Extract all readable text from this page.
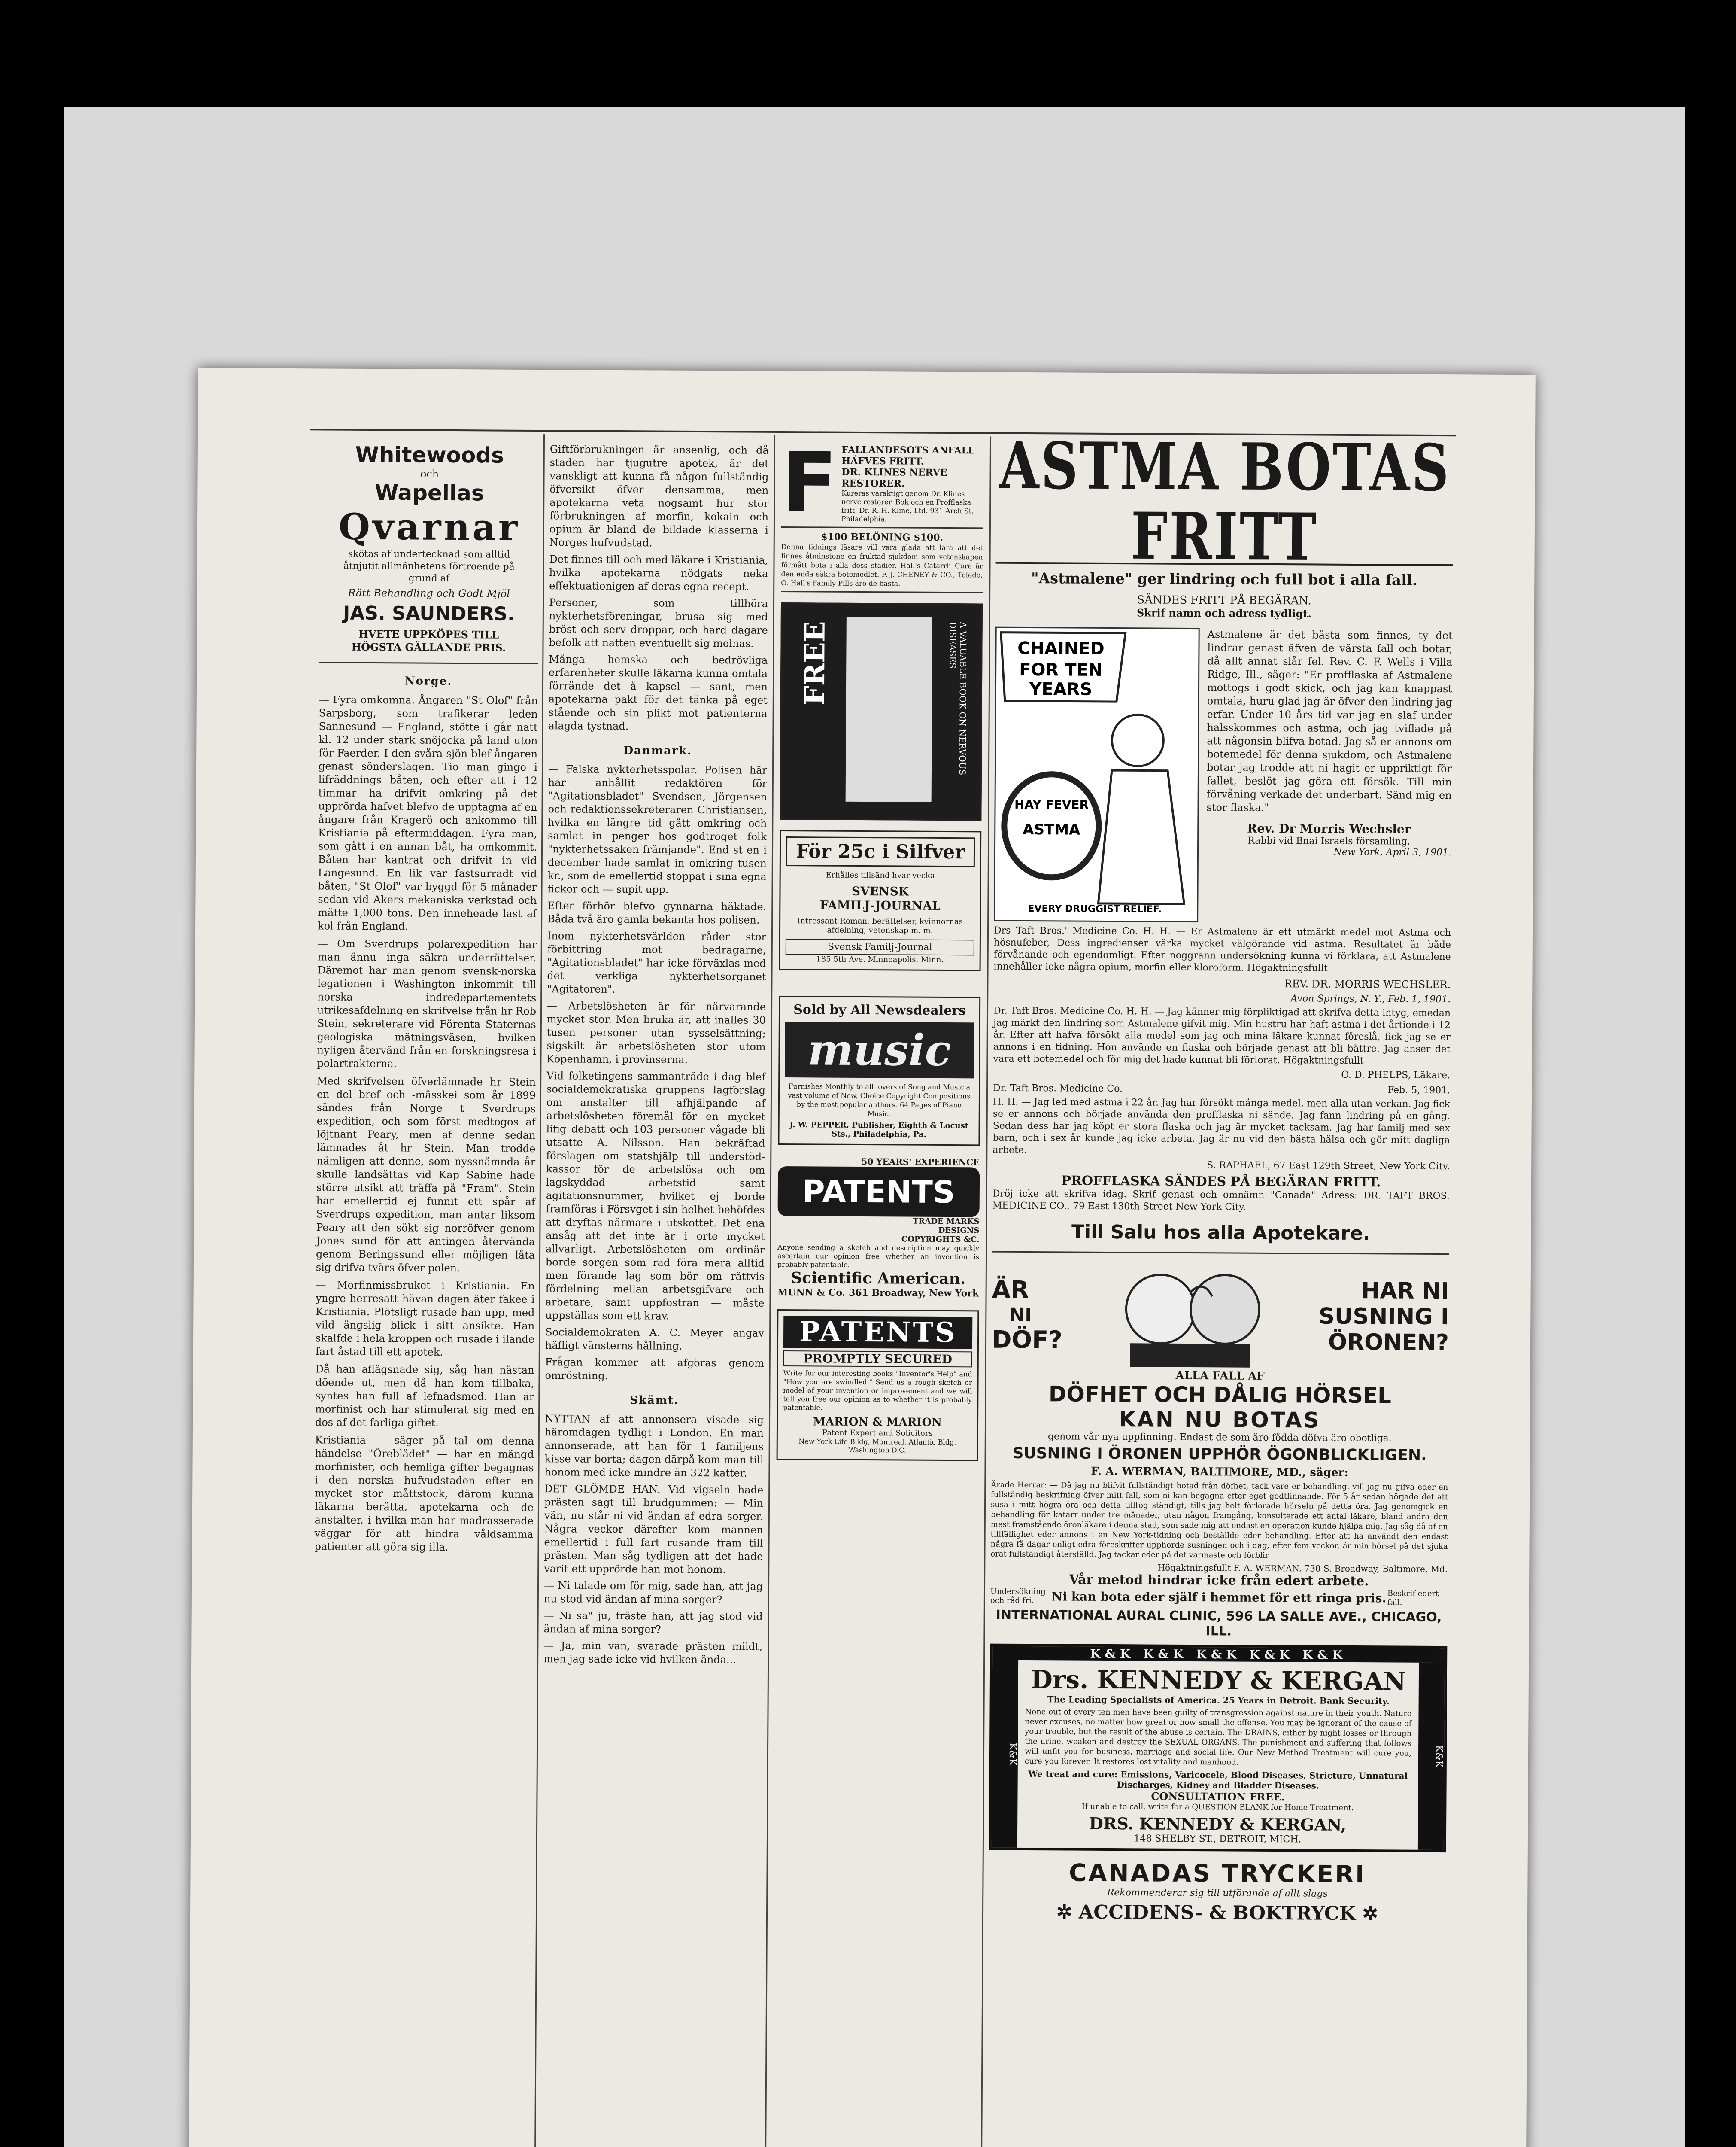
Whitewoods
och
Wapellas
Qvarnar
skötas af undertecknad som alltid åtnjutit allmänhetens förtroende på grund af
Rätt Behandling och Godt Mjöl
JAS. SAUNDERS.
HVETE UPPKÖPES TILL HÖGSTA GÄLLANDE PRIS.
Norge.

— Fyra omkomna. Ångaren "St Olof" från Sarpsborg, som trafikerar leden Sannesund — England, stötte i går natt kl. 12 under stark snöjocka på land uton för Faerder. I den svåra sjön blef ångaren genast sönderslagen. Tio man gingo i lifräddnings båten, och efter att i 12 timmar ha drifvit omkring på det upprörda hafvet blefvo de upptagna af en ångare från Kragerö och ankommo till Kristiania på eftermiddagen. Fyra man, som gått i en annan båt, ha omkommit. Båten har kantrat och drifvit in vid Langesund. En lik var fastsurradt vid båten, "St Olof" var byggd för 5 månader sedan vid Akers mekaniska verkstad och mätte 1,000 tons. Den inneheade last af kol från England.

— Om Sverdrups polarexpedition har man ännu inga säkra underrättelser. Däremot har man genom svensk-norska legationen i Washington inkommit till norska indredepartementets utrikesafdelning en skrifvelse från hr Rob Stein, sekreterare vid Förenta Staternas geologiska mätningsväsen, hvilken nyligen återvänd från en forskningsresa i polartrakterna.

Med skrifvelsen öfverlämnade hr Stein en del bref och -mässkei som år 1899 sändes från Norge t Sverdrups expedition, och som först medtogos af löjtnant Peary, men af denne sedan lämnades åt hr Stein. Man trodde nämligen att denne, som nyssnämnda år skulle landsättas vid Kap Sabine hade större utsikt att träffa på "Fram". Stein har emellertid ej funnit ett spår af Sverdrups expedition, man antar liksom Peary att den sökt sig norröfver genom Jones sund för att antingen återvända genom Beringssund eller möjligen låta sig drifva tvärs öfver polen.

— Morfinmissbruket i Kristiania. En yngre herresatt hävan dagen äter fakee i Kristiania. Plötsligt rusade han upp, med vild ängslig blick i sitt ansikte. Han skalfde i hela kroppen och rusade i ilande fart åstad till ett apotek.

Då han aflägsnade sig, såg han nästan döende ut, men då han kom tillbaka, syntes han full af lefnadsmod. Han är morfinist och har stimulerat sig med en dos af det farliga giftet.

Kristiania — säger på tal om denna händelse "Öreblädet" — har en mängd morfinister, och hemliga gifter begagnas i den norska hufvudstaden efter en mycket stor måttstock, därom kunna läkarna berätta, apotekarna och de anstalter, i hvilka man har madrasserade väggar för att hindra våldsamma patienter att göra sig illa.

Giftförbrukningen är ansenlig, och då staden har tjugutre apotek, är det vanskligt att kunna få någon fullständig öfversikt öfver densamma, men apotekarna veta nogsamt hur stor förbrukningen af morfin, kokain och opium är bland de bildade klasserna i Norges hufvudstad.

Det finnes till och med läkare i Kristiania, hvilka apotekarna nödgats neka effektuationigen af deras egna recept.

Personer, som tillhöra nykterhetsföreningar, brusa sig med bröst och serv droppar, och hard dagare befolk att natten eventuellt sig molnas.

Många hemska och bedrövliga erfarenheter skulle läkarna kunna omtala förrände det å kapsel — sant, men apotekarna pakt för det tänka på eget stående och sin plikt mot patienterna alagda tystnad.

Danmark.

— Falska nykterhetsspolar. Polisen här har anhållit redaktören för "Agitationsbladet" Svendsen, Jörgensen och redaktionssekreteraren Christiansen, hvilka en längre tid gått omkring och samlat in penger hos godtroget folk "nykterhetssaken främjande". End st en i december hade samlat in omkring tusen kr., som de emellertid stoppat i sina egna fickor och — supit upp.

Efter förhör blefvo gynnarna häktade. Båda två äro gamla bekanta hos polisen.

Inom nykterhetsvärlden råder stor förbittring mot bedragarne, "Agitationsbladet" har icke förväxlas med det verkliga nykterhetsorganet "Agitatoren".

— Arbetslösheten är för närvarande mycket stor. Men bruka är, att inalles 30 tusen personer utan sysselsättning; sigskilt är arbetslösheten stor utom Köpenhamn, i provinserna.

Vid folketingens sammanträde i dag blef socialdemokratiska gruppens lagförslag om anstalter till afhjälpande af arbetslösheten föremål för en mycket lifig debatt och 103 personer vågade bli utsatte A. Nilsson. Han bekräftad förslagen om statshjälp till understöd-kassor för de arbetslösa och om lagskyddad arbetstid samt agitationsnummer, hvilket ej borde framföras i Försvget i sin helhet behöfdes att dryftas närmare i utskottet. Det ena ansåg att det inte är i orte mycket allvarligt. Arbetslösheten om ordinär borde sorgen som rad föra mera alltid men förande lag som bör om rättvis fördelning mellan arbetsgifvare och arbetare, samt uppfostran — måste uppställas som ett krav.

Socialdemokraten A. C. Meyer angav häfligt vänsterns hållning.

Frågan kommer att afgöras genom omröstning.

Skämt.

NYTTAN af att annonsera visade sig häromdagen tydligt i London. En man annonserade, att han för 1 familjens kisse var borta; dagen därpå kom man till honom med icke mindre än 322 katter.

DET GLÖMDE HAN. Vid vigseln hade prästen sagt till brudgummen: — Min vän, nu står ni vid ändan af edra sorger. Några veckor därefter kom mannen emellertid i full fart rusande fram till prästen. Man såg tydligen att det hade varit ett upprörde han mot honom.

— Ni talade om för mig, sade han, att jag nu stod vid ändan af mina sorger?

— Ni sa" ju, fräste han, att jag stod vid ändan af mina sorger?

— Ja, min vän, svarade prästen mildt, men jag sade icke vid hvilken ända...

F FALLANDESOTS ANFALL HÄFVES FRITT.
DR. KLINES NERVE RESTORER.
Kureras varaktigt genom Dr. Klines nerve restorer. Bok och en Profflaska fritt. Dr. R. H. Kline, Ltd. 931 Arch St. Philadelphia.
$100 BELÖNING $100.
Denna tidnings läsare vill vara glada att lära att det finnes åtminstone en fruktad sjukdom som vetenskapen förmått bota i alla dess stadier. Hall's Catarrh Cure är den enda säkra botemedlet. F. J. CHENEY & CO., Toledo, O. Hall's Family Pills äro de bästa.
FREE	A VALUABLE BOOK ON NERVOUS DISEASES
För 25c i Silfver
Erhålles tillsänd hvar vecka
SVENSK
FAMILJ-JOURNAL
Intressant Roman, berättelser, kvinnornas afdelning, vetenskap m. m.
Svensk Familj-Journal
185 5th Ave. Minneapolis, Minn.
Sold by All Newsdealers
music
Furnishes Monthly to all lovers of Song and Music a vast volume of New, Choice Copyright Compositions by the most popular authors. 64 Pages of Piano Music.
J. W. PEPPER, Publisher, Eighth & Locust Sts., Philadelphia, Pa.
50 YEARS' EXPERIENCE
PATENTS
TRADE MARKS
DESIGNS
COPYRIGHTS &C.
Anyone sending a sketch and description may quickly ascertain our opinion free whether an invention is probably patentable.
Scientific American.
MUNN & Co. 361 Broadway, New York
PATENTS
PROMPTLY SECURED
Write for our interesting books "Inventor's Help" and "How you are swindled." Send us a rough sketch or model of your invention or improvement and we will tell you free our opinion as to whether it is probably patentable.
MARION & MARION
Patent Expert and Solicitors
New York Life B'ldg, Montreal. Atlantic Bldg, Washington D.C.
ASTMA BOTAS FRITT
"Astmalene" ger lindring och full bot i alla fall.
SÄNDES FRITT PÅ BEGÄRAN.
Skrif namn och adress tydligt.
CHAINED
FOR TEN
YEARS
HAY FEVER
ASTMA
EVERY DRUGGIST RELIEF.

Astmalene är det bästa som finnes, ty det lindrar genast äfven de värsta fall och botar, då allt annat slår fel. Rev. C. F. Wells i Villa Ridge, Ill., säger: "Er profflaska af Astmalene mottogs i godt skick, och jag kan knappast omtala, huru glad jag är öfver den lindring jag erfar. Under 10 års tid var jag en slaf under halsskommes och astma, och jag tviflade på att någonsin blifva botad. Jag så er annons om botemedel för denna sjukdom, och Astmalene botar jag trodde att ni hagit er uppriktigt för fallet, beslöt jag göra ett försök. Till min förvåning verkade det underbart. Sänd mig en stor flaska."

Rev. Dr Morris Wechsler
Rabbi vid Bnai Israels församling,
New York, April 3, 1901.

Drs Taft Bros.' Medicine Co. H. H. — Er Astmalene är ett utmärkt medel mot Astma och hösnufeber, Dess ingredienser värka mycket välgörande vid astma. Resultatet är både förvånande och egendomligt. Efter noggrann undersökning kunna vi förklara, att Astmalene innehåller icke några opium, morfin eller kloroform. Högaktningsfullt

REV. DR. MORRIS WECHSLER.
Avon Springs, N. Y., Feb. 1, 1901.

Dr. Taft Bros. Medicine Co. H. H. — Jag känner mig förpliktigad att skrifva detta intyg, emedan jag märkt den lindring som Astmalene gifvit mig. Min hustru har haft astma i det årtionde i 12 år. Efter att hafva försökt alla medel som jag och mina läkare kunnat föreslå, fick jag se er annons i en tidning. Hon använde en flaska och började genast att bli bättre. Jag anser det vara ett botemedel och för mig det hade kunnat bli förlorat. Högaktningsfullt

O. D. PHELPS, Läkare.
Dr. Taft Bros. Medicine Co.	Feb. 5, 1901.

H. H. — Jag led med astma i 22 år. Jag har försökt många medel, men alla utan verkan. Jag fick se er annons och började använda den profflaska ni sände. Jag fann lindring på en gång. Sedan dess har jag köpt er stora flaska och jag är mycket tacksam. Jag har familj med sex barn, och i sex år kunde jag icke arbeta. Jag är nu vid den bästa hälsa och gör mitt dagliga arbete.

S. RAPHAEL, 67 East 129th Street, New York City.
PROFFLASKA SÄNDES PÅ BEGÄRAN FRITT.
Dröj icke att skrifva idag. Skrif genast och omnämn "Canada" Adress: DR. TAFT BROS. MEDICINE CO., 79 East 130th Street New York City.
Till Salu hos alla Apotekare.
ÄR
NI
DÖF?
HAR NI
SUSNING I
ÖRONEN?
ALLA FALL AF
DÖFHET OCH DÅLIG HÖRSEL
KAN NU BOTAS
genom vår nya uppfinning. Endast de som äro födda döfva äro obotliga.
SUSNING I ÖRONEN UPPHÖR ÖGONBLICKLIGEN.
F. A. WERMAN, BALTIMORE, MD., säger:

Ärade Herrar: — Då jag nu blifvit fullständigt botad från döfhet, tack vare er behandling, vill jag nu gifva eder en fullständig beskrifning öfver mitt fall, som ni kan begagna efter eget godtfinnande. För 5 år sedan började det att susa i mitt högra öra och detta tilltog ständigt, tills jag helt förlorade hörseln på detta öra. Jag genomgick en behandling för katarr under tre månader, utan någon framgång, konsulterade ett antal läkare, bland andra den mest framstående öronläkare i denna stad, som sade mig att endast en operation kunde hjälpa mig. Jag såg då af en tillfällighet eder annons i en New York-tidning och beställde eder behandling. Efter att ha användt den endast några få dagar enligt edra föreskrifter upphörde susningen och i dag, efter fem veckor, är min hörsel på det sjuka örat fullständigt återställd. Jag tackar eder på det varmaste och förblir

Högaktningsfullt F. A. WERMAN, 730 S. Broadway, Baltimore, Md.
Vår metod hindrar icke från edert arbete.
Undersökning och råd fri.	Ni kan bota eder själf i hemmet för ett ringa pris. Beskrif edert fall.
INTERNATIONAL AURAL CLINIC, 596 LA SALLE AVE., CHICAGO, ILL.
K&K K&K K&K K&K K&K
K&K
Drs. KENNEDY & KERGAN
The Leading Specialists of America. 25 Years in Detroit. Bank Security.

None out of every ten men have been guilty of transgression against nature in their youth. Nature never excuses, no matter how great or how small the offense. You may be ignorant of the cause of your trouble, but the result of the abuse is certain. The DRAINS, either by night losses or through the urine, weaken and destroy the SEXUAL ORGANS. The punishment and suffering that follows will unfit you for business, marriage and social life. Our New Method Treatment will cure you, cure you forever. It restores lost vitality and manhood.

We treat and cure: Emissions, Varicocele, Blood Diseases, Stricture, Unnatural Discharges, Kidney and Bladder Diseases.
CONSULTATION FREE.
If unable to call, write for a QUESTION BLANK for Home Treatment.
DRS. KENNEDY & KERGAN,
148 SHELBY ST., DETROIT, MICH.
K&K
CANADAS TRYCKERI
Rekommenderar sig till utförande af allt slags
✲ ACCIDENS- & BOKTRYCK ✲
